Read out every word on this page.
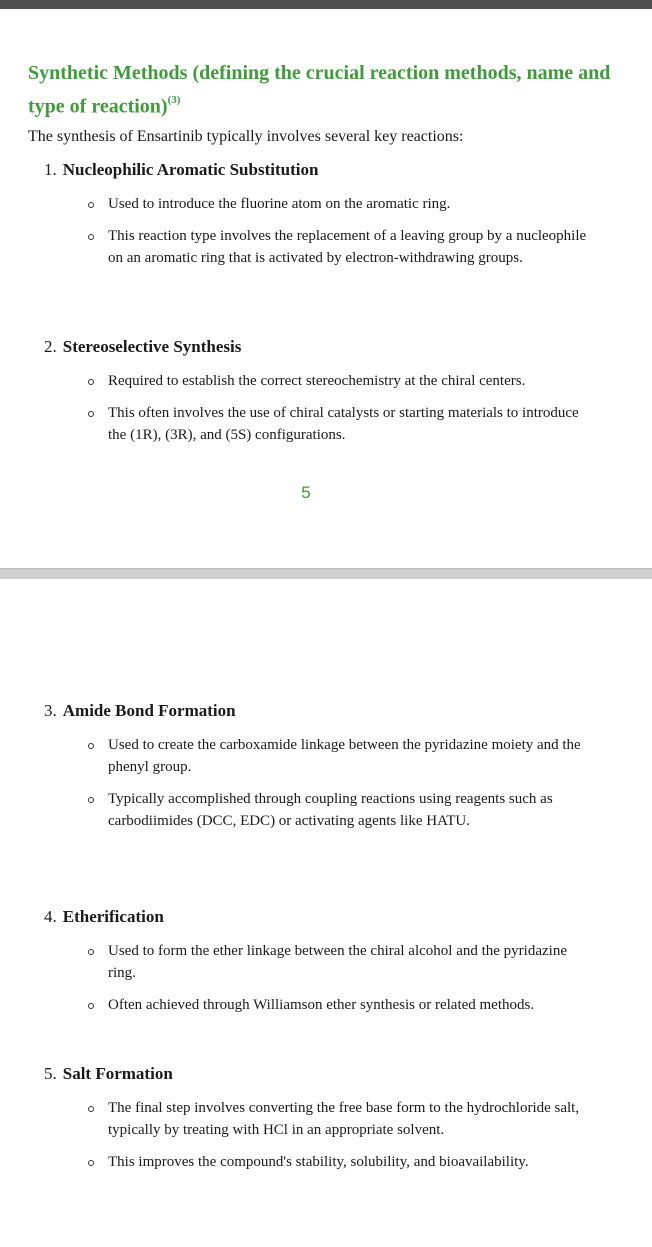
Synthetic Methods (defining the crucial reaction methods, name and type of reaction)$^{(3)}$
The synthesis of Ensartinib typically involves several key reactions:
1. Nucleophilic Aromatic Substitution
Used to introduce the fluorine atom on the aromatic ring.
This reaction type involves the replacement of a leaving group by a nucleophile on an aromatic ring that is activated by electron-withdrawing groups.
2. Stereoselective Synthesis
Required to establish the correct stereochemistry at the chiral centers.
This often involves the use of chiral catalysts or starting materials to introduce the (1R), (3R), and (5S) configurations.
5
3. Amide Bond Formation
Used to create the carboxamide linkage between the pyridazine moiety and the phenyl group.
Typically accomplished through coupling reactions using reagents such as carbodiimides (DCC, EDC) or activating agents like HATU.
4. Etherification
Used to form the ether linkage between the chiral alcohol and the pyridazine ring.
Often achieved through Williamson ether synthesis or related methods.
5. Salt Formation
The final step involves converting the free base form to the hydrochloride salt, typically by treating with HCl in an appropriate solvent.
This improves the compound's stability, solubility, and bioavailability.
